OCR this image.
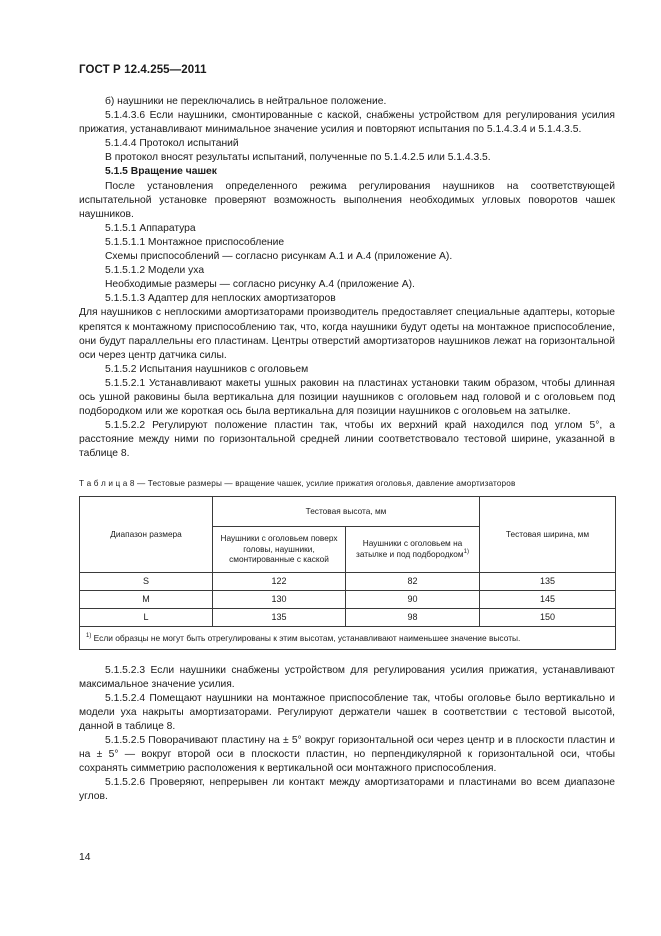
ГОСТ Р 12.4.255—2011

б) наушники не переключались в нейтральное положение.

5.1.4.3.6 Если наушники, смонтированные с каской, снабжены устройством для регулирования усилия прижатия, устанавливают минимальное значение усилия и повторяют испытания по 5.1.4.3.4 и 5.1.4.3.5.

5.1.4.4 Протокол испытаний

В протокол вносят результаты испытаний, полученные по 5.1.4.2.5 или 5.1.4.3.5.

5.1.5 Вращение чашек

После установления определенного режима регулирования наушников на соответствующей испытательной установке проверяют возможность выполнения необходимых угловых поворотов чашек наушников.

5.1.5.1 Аппаратура

5.1.5.1.1 Монтажное приспособление

Схемы приспособлений — согласно рисункам А.1 и А.4 (приложение А).

5.1.5.1.2 Модели уха

Необходимые размеры — согласно рисунку А.4 (приложение А).

5.1.5.1.3 Адаптер для неплоских амортизаторов

Для наушников с неплоскими амортизаторами производитель предоставляет специальные адаптеры, которые крепятся к монтажному приспособлению так, что, когда наушники будут одеты на монтажное приспособление, они будут параллельны его пластинам. Центры отверстий амортизаторов наушников лежат на горизонтальной оси через центр датчика силы.

5.1.5.2 Испытания наушников с оголовьем

5.1.5.2.1 Устанавливают макеты ушных раковин на пластинах установки таким образом, чтобы длинная ось ушной раковины была вертикальна для позиции наушников с оголовьем над головой и с оголовьем под подбородком или же короткая ось была вертикальна для позиции наушников с оголовьем на затылке.

5.1.5.2.2 Регулируют положение пластин так, чтобы их верхний край находился под углом 5°, а расстояние между ними по горизонтальной средней линии соответствовало тестовой ширине, указанной в таблице 8.

Т а б л и ц а 8 — Тестовые размеры — вращение чашек, усилие прижатия оголовья, давление амортизаторов
Диапазон размера	Тестовая высота, мм		Тестовая ширина, мм
	Наушники с оголовьем поверх головы, наушники, смонтированные с каской	Наушники с оголовьем на затылке и под подбородком$^{1)}$
S	122	82	135
M	130	90	145
L	135	98	150
$^{1)}$ Если образцы не могут быть отрегулированы к этим высотам, устанавливают наименьшее значение высоты.			

5.1.5.2.3 Если наушники снабжены устройством для регулирования усилия прижатия, устанавливают максимальное значение усилия.

5.1.5.2.4 Помещают наушники на монтажное приспособление так, чтобы оголовье было вертикально и модели уха накрыты амортизаторами. Регулируют держатели чашек в соответствии с тестовой высотой, данной в таблице 8.

5.1.5.2.5 Поворачивают пластину на ± 5° вокруг горизонтальной оси через центр и в плоскости пластин и на ± 5° — вокруг второй оси в плоскости пластин, но перпендикулярной к горизонтальной оси, чтобы сохранять симметрию расположения к вертикальной оси монтажного приспособления.

5.1.5.2.6 Проверяют, непрерывен ли контакт между амортизаторами и пластинами во всем диапазоне углов.

14
